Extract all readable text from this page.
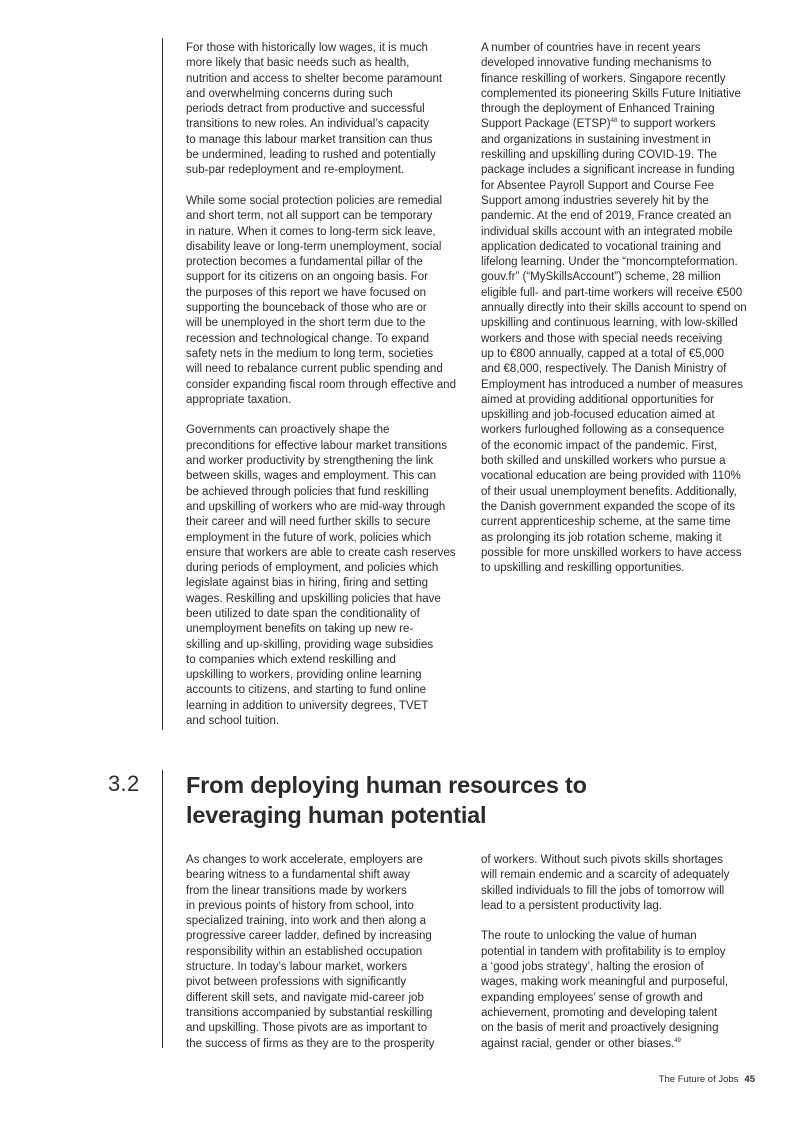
For those with historically low wages, it is much
more likely that basic needs such as health,
nutrition and access to shelter become paramount
and overwhelming concerns during such
periods detract from productive and successful
transitions to new roles. An individual’s capacity
to manage this labour market transition can thus
be undermined, leading to rushed and potentially
sub-par redeployment and re-employment.

While some social protection policies are remedial
and short term, not all support can be temporary
in nature. When it comes to long-term sick leave,
disability leave or long-term unemployment, social
protection becomes a fundamental pillar of the
support for its citizens on an ongoing basis. For
the purposes of this report we have focused on
supporting the bounceback of those who are or
will be unemployed in the short term due to the
recession and technological change. To expand
safety nets in the medium to long term, societies
will need to rebalance current public spending and
consider expanding fiscal room through effective and
appropriate taxation.

Governments can proactively shape the
preconditions for effective labour market transitions
and worker productivity by strengthening the link
between skills, wages and employment. This can
be achieved through policies that fund reskilling
and upskilling of workers who are mid-way through
their career and will need further skills to secure
employment in the future of work, policies which
ensure that workers are able to create cash reserves
during periods of employment, and policies which
legislate against bias in hiring, firing and setting
wages. Reskilling and upskilling policies that have
been utilized to date span the conditionality of
unemployment benefits on taking up new re-
skilling and up-skilling, providing wage subsidies
to companies which extend reskilling and
upskilling to workers, providing online learning
accounts to citizens, and starting to fund online
learning in addition to university degrees, TVET
and school tuition.

A number of countries have in recent years
developed innovative funding mechanisms to
finance reskilling of workers. Singapore recently
complemented its pioneering Skills Future Initiative
through the deployment of Enhanced Training
Support Package (ETSP)$^{48}$ to support workers
and organizations in sustaining investment in
reskilling and upskilling during COVID-19. The
package includes a significant increase in funding
for Absentee Payroll Support and Course Fee
Support among industries severely hit by the
pandemic. At the end of 2019, France created an
individual skills account with an integrated mobile
application dedicated to vocational training and
lifelong learning. Under the “moncompteformation.
gouv.fr” (“MySkillsAccount”) scheme, 28 million
eligible full- and part-time workers will receive €500
annually directly into their skills account to spend on
upskilling and continuous learning, with low-skilled
workers and those with special needs receiving
up to €800 annually, capped at a total of €5,000
and €8,000, respectively. The Danish Ministry of
Employment has introduced a number of measures
aimed at providing additional opportunities for
upskilling and job-focused education aimed at
workers furloughed following as a consequence
of the economic impact of the pandemic. First,
both skilled and unskilled workers who pursue a
vocational education are being provided with 110%
of their usual unemployment benefits. Additionally,
the Danish government expanded the scope of its
current apprenticeship scheme, at the same time
as prolonging its job rotation scheme, making it
possible for more unskilled workers to have access
to upskilling and reskilling opportunities.

3.2 From deploying human resources to leveraging human potential

As changes to work accelerate, employers are
bearing witness to a fundamental shift away
from the linear transitions made by workers
in previous points of history from school, into
specialized training, into work and then along a
progressive career ladder, defined by increasing
responsibility within an established occupation
structure. In today’s labour market, workers
pivot between professions with significantly
different skill sets, and navigate mid-career job
transitions accompanied by substantial reskilling
and upskilling. Those pivots are as important to
the success of firms as they are to the prosperity

of workers. Without such pivots skills shortages
will remain endemic and a scarcity of adequately
skilled individuals to fill the jobs of tomorrow will
lead to a persistent productivity lag.

The route to unlocking the value of human
potential in tandem with profitability is to employ
a ‘good jobs strategy’, halting the erosion of
wages, making work meaningful and purposeful,
expanding employees’ sense of growth and
achievement, promoting and developing talent
on the basis of merit and proactively designing
against racial, gender or other biases.$^{49}$

The Future of Jobs 45
